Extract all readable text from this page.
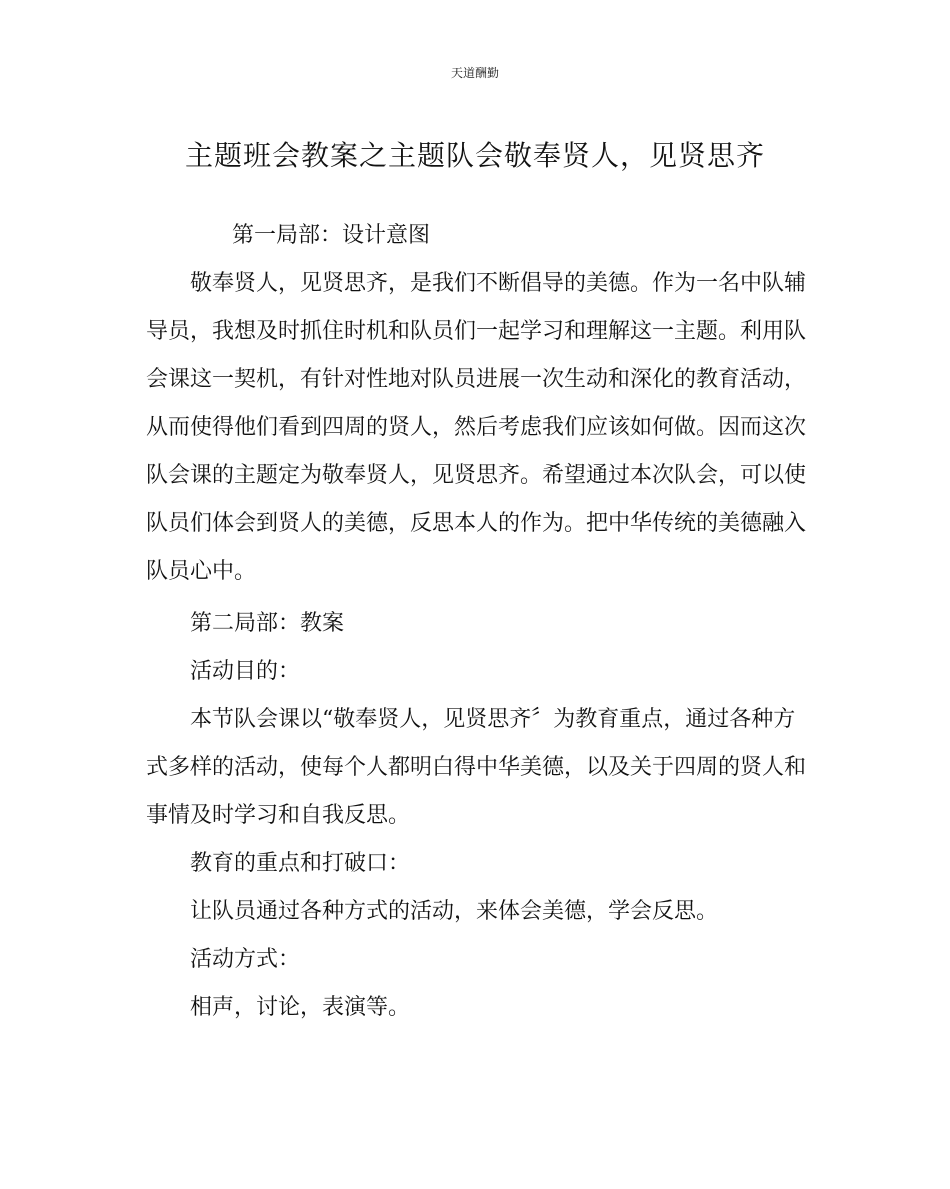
天道酬勤
主题班会教案之主题队会敬奉贤人，见贤思齐
第一局部：设计意图
敬奉贤人，见贤思齐，是我们不断倡导的美德。作为一名中队辅
导员，我想及时抓住时机和队员们一起学习和理解这一主题。利用队
会课这一契机，有针对性地对队员进展一次生动和深化的教育活动，
从而使得他们看到四周的贤人，然后考虑我们应该如何做。因而这次
队会课的主题定为敬奉贤人，见贤思齐。希望通过本次队会，可以使
队员们体会到贤人的美德，反思本人的作为。把中华传统的美德融入
队员心中。
第二局部：教案
活动目的：
本节队会课以“敬奉贤人，见贤思齐〞为教育重点，通过各种方
式多样的活动，使每个人都明白得中华美德，以及关于四周的贤人和
事情及时学习和自我反思。
教育的重点和打破口：
让队员通过各种方式的活动，来体会美德，学会反思。
活动方式：
相声，讨论，表演等。
